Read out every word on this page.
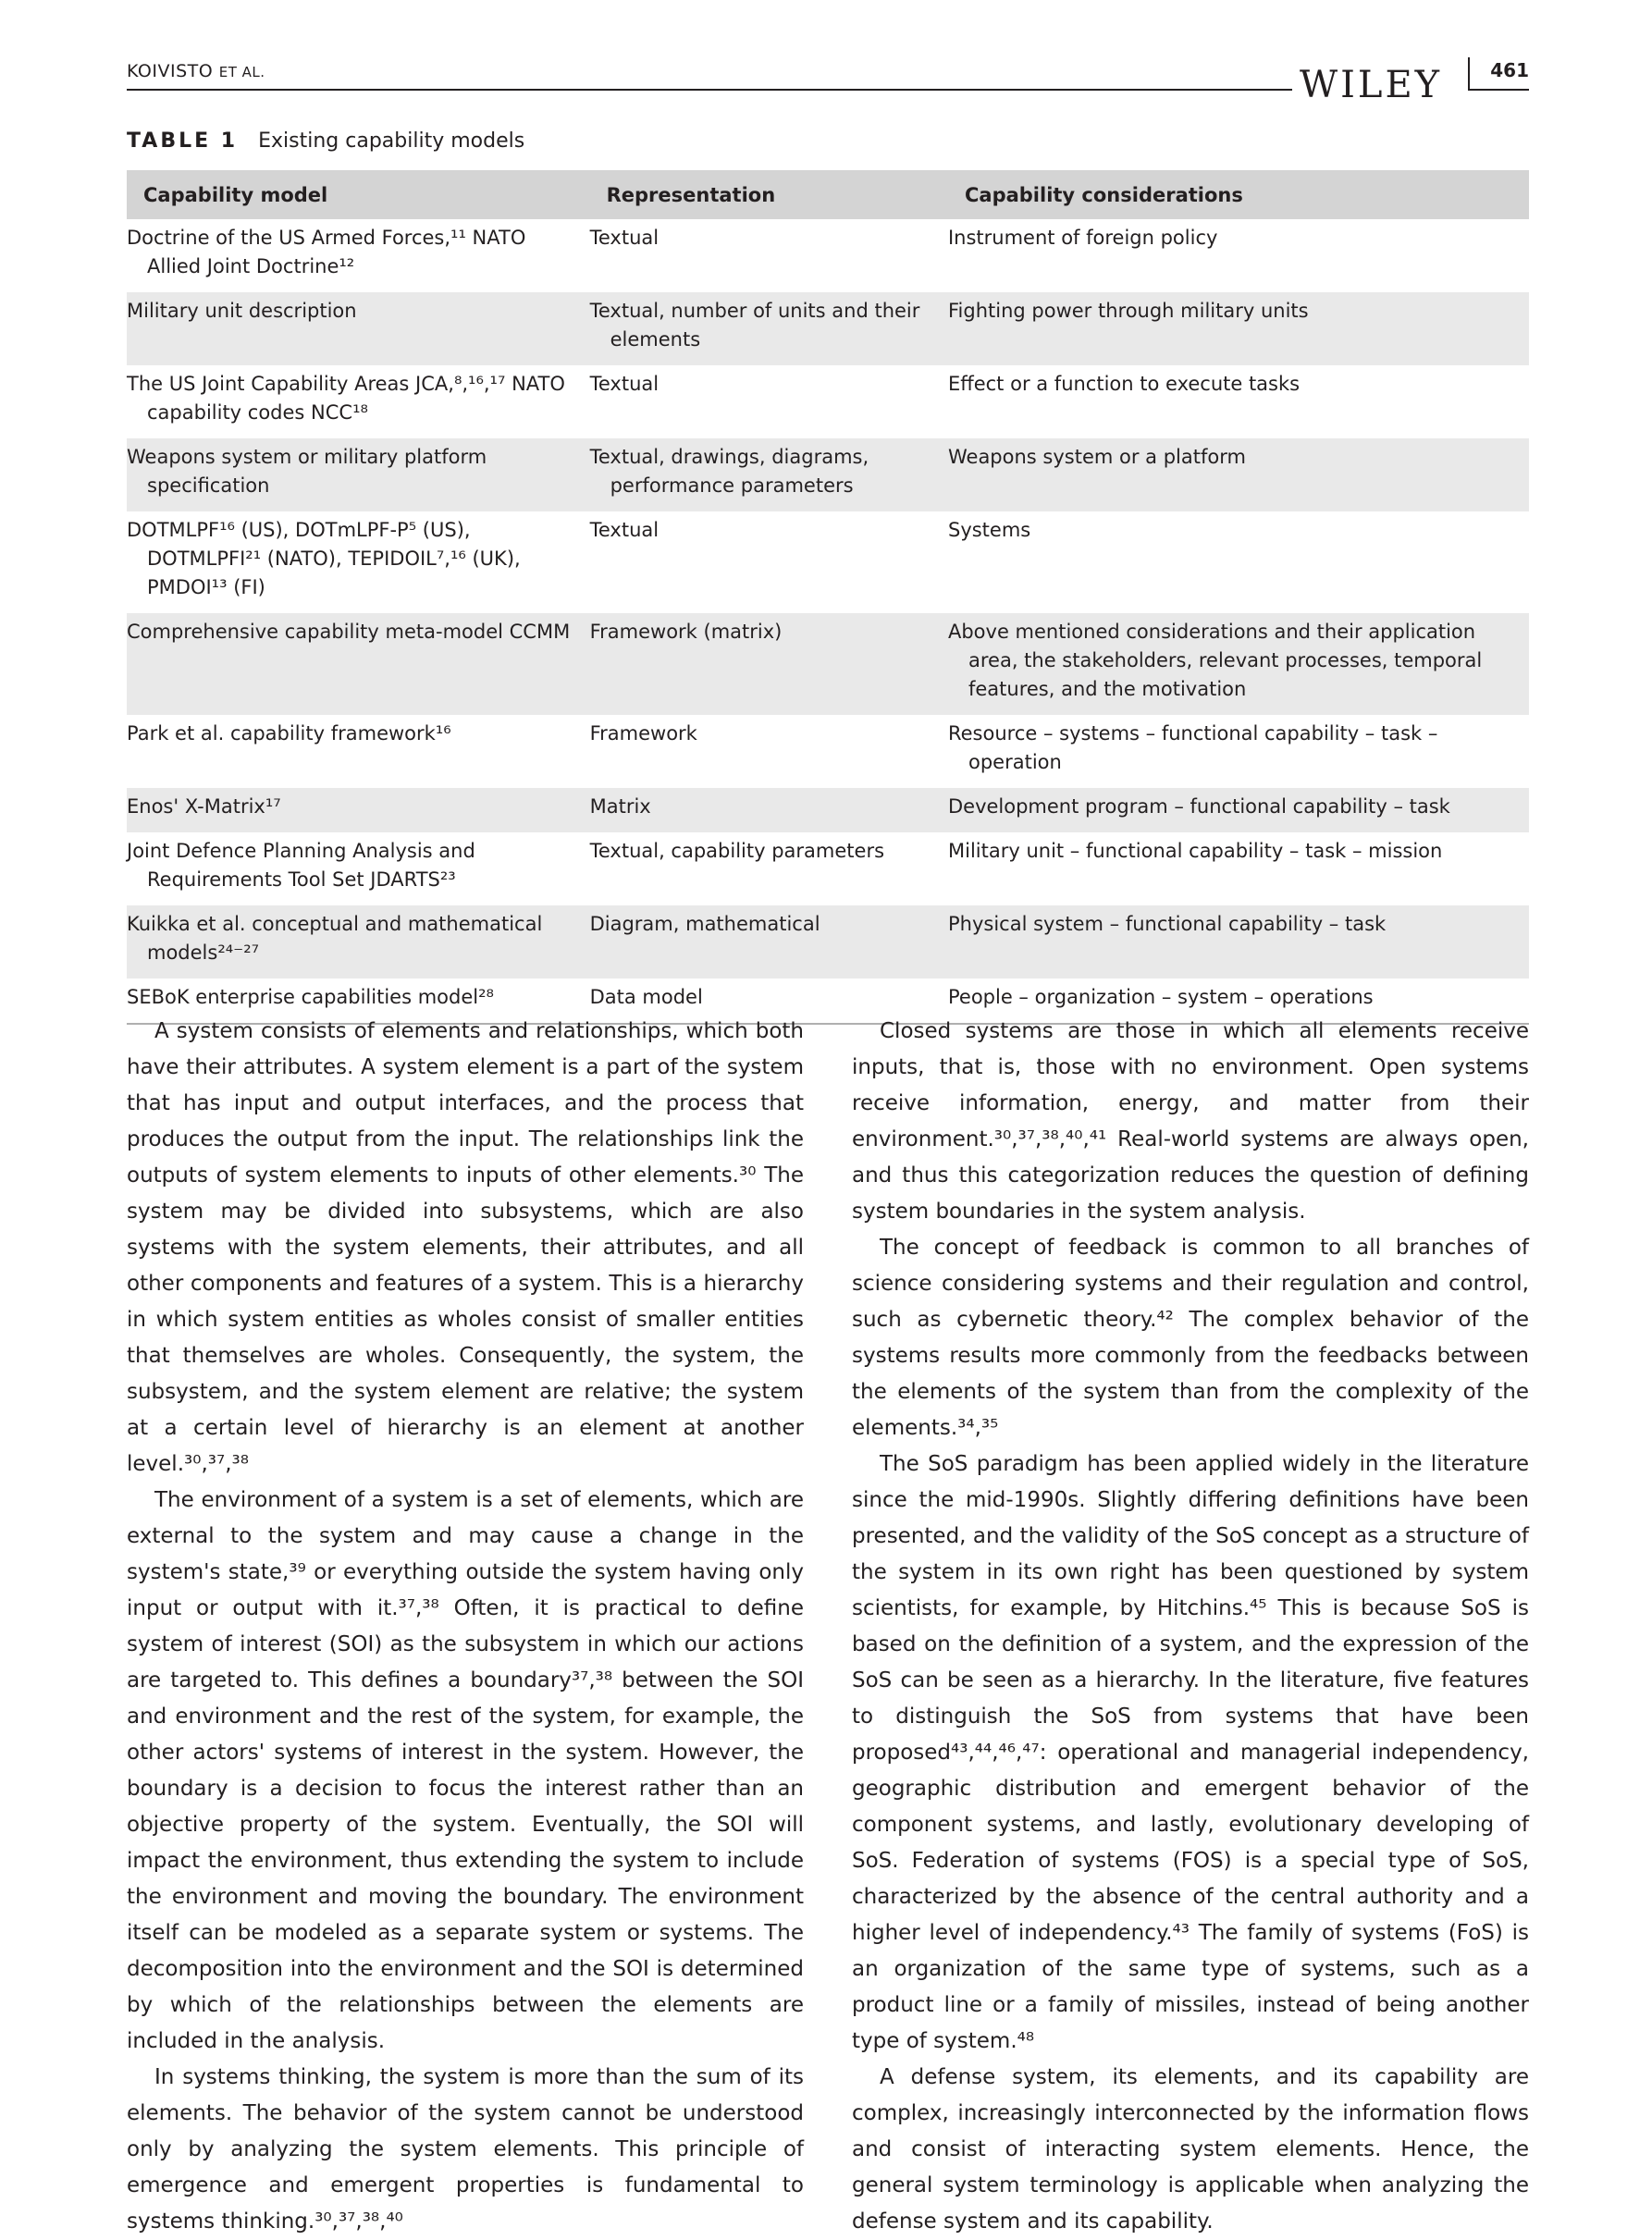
KOIVISTO ET AL.	WILEY	461
TABLE 1 Existing capability models
Capability model	Representation	Capability considerations
Doctrine of the US Armed Forces,¹¹ NATO Allied Joint Doctrine¹²	Textual	Instrument of foreign policy
Military unit description	Textual, number of units and their elements	Fighting power through military units
The US Joint Capability Areas JCA,⁸,¹⁶,¹⁷ NATO capability codes NCC¹⁸	Textual	Effect or a function to execute tasks
Weapons system or military platform specification	Textual, drawings, diagrams, performance parameters	Weapons system or a platform
DOTMLPF¹⁶ (US), DOTmLPF-P⁵ (US), DOTMLPFI²¹ (NATO), TEPIDOIL⁷,¹⁶ (UK), PMDOI¹³ (FI)	Textual	Systems
Comprehensive capability meta-model CCMM	Framework (matrix)	Above mentioned considerations and their application area, the stakeholders, relevant processes, temporal features, and the motivation
Park et al. capability framework¹⁶	Framework	Resource – systems – functional capability – task – operation
Enos' X-Matrix¹⁷	Matrix	Development program – functional capability – task
Joint Defence Planning Analysis and Requirements Tool Set JDARTS²³	Textual, capability parameters	Military unit – functional capability – task – mission
Kuikka et al. conceptual and mathematical models²⁴⁻²⁷	Diagram, mathematical	Physical system – functional capability – task
SEBoK enterprise capabilities model²⁸	Data model	People – organization – system – operations

A system consists of elements and relationships, which both have their attributes. A system element is a part of the system that has input and output interfaces, and the process that produces the output from the input. The relationships link the outputs of system elements to inputs of other elements.³⁰ The system may be divided into subsystems, which are also systems with the system elements, their attributes, and all other components and features of a system. This is a hierarchy in which system entities as wholes consist of smaller entities that themselves are wholes. Consequently, the system, the subsystem, and the system element are relative; the system at a certain level of hierarchy is an element at another level.³⁰,³⁷,³⁸

The environment of a system is a set of elements, which are external to the system and may cause a change in the system's state,³⁹ or everything outside the system having only input or output with it.³⁷,³⁸ Often, it is practical to define system of interest (SOI) as the subsystem in which our actions are targeted to. This defines a boundary³⁷,³⁸ between the SOI and environment and the rest of the system, for example, the other actors' systems of interest in the system. However, the boundary is a decision to focus the interest rather than an objective property of the system. Eventually, the SOI will impact the environment, thus extending the system to include the environment and moving the boundary. The environment itself can be modeled as a separate system or systems. The decomposition into the environment and the SOI is determined by which of the relationships between the elements are included in the analysis.

In systems thinking, the system is more than the sum of its elements. The behavior of the system cannot be understood only by analyzing the system elements. This principle of emergence and emergent properties is fundamental to systems thinking.³⁰,³⁷,³⁸,⁴⁰

Closed systems are those in which all elements receive inputs, that is, those with no environment. Open systems receive information, energy, and matter from their environment.³⁰,³⁷,³⁸,⁴⁰,⁴¹ Real-world systems are always open, and thus this categorization reduces the question of defining system boundaries in the system analysis.

The concept of feedback is common to all branches of science considering systems and their regulation and control, such as cybernetic theory.⁴² The complex behavior of the systems results more commonly from the feedbacks between the elements of the system than from the complexity of the elements.³⁴,³⁵

The SoS paradigm has been applied widely in the literature since the mid-1990s. Slightly differing definitions have been presented, and the validity of the SoS concept as a structure of the system in its own right has been questioned by system scientists, for example, by Hitchins.⁴⁵ This is because SoS is based on the definition of a system, and the expression of the SoS can be seen as a hierarchy. In the literature, five features to distinguish the SoS from systems that have been proposed⁴³,⁴⁴,⁴⁶,⁴⁷: operational and managerial independency, geographic distribution and emergent behavior of the component systems, and lastly, evolutionary developing of SoS. Federation of systems (FOS) is a special type of SoS, characterized by the absence of the central authority and a higher level of independency.⁴³ The family of systems (FoS) is an organization of the same type of systems, such as a product line or a family of missiles, instead of being another type of system.⁴⁸

A defense system, its elements, and its capability are complex, increasingly interconnected by the information flows and consist of interacting system elements. Hence, the general system terminology is applicable when analyzing the defense system and its capability.
